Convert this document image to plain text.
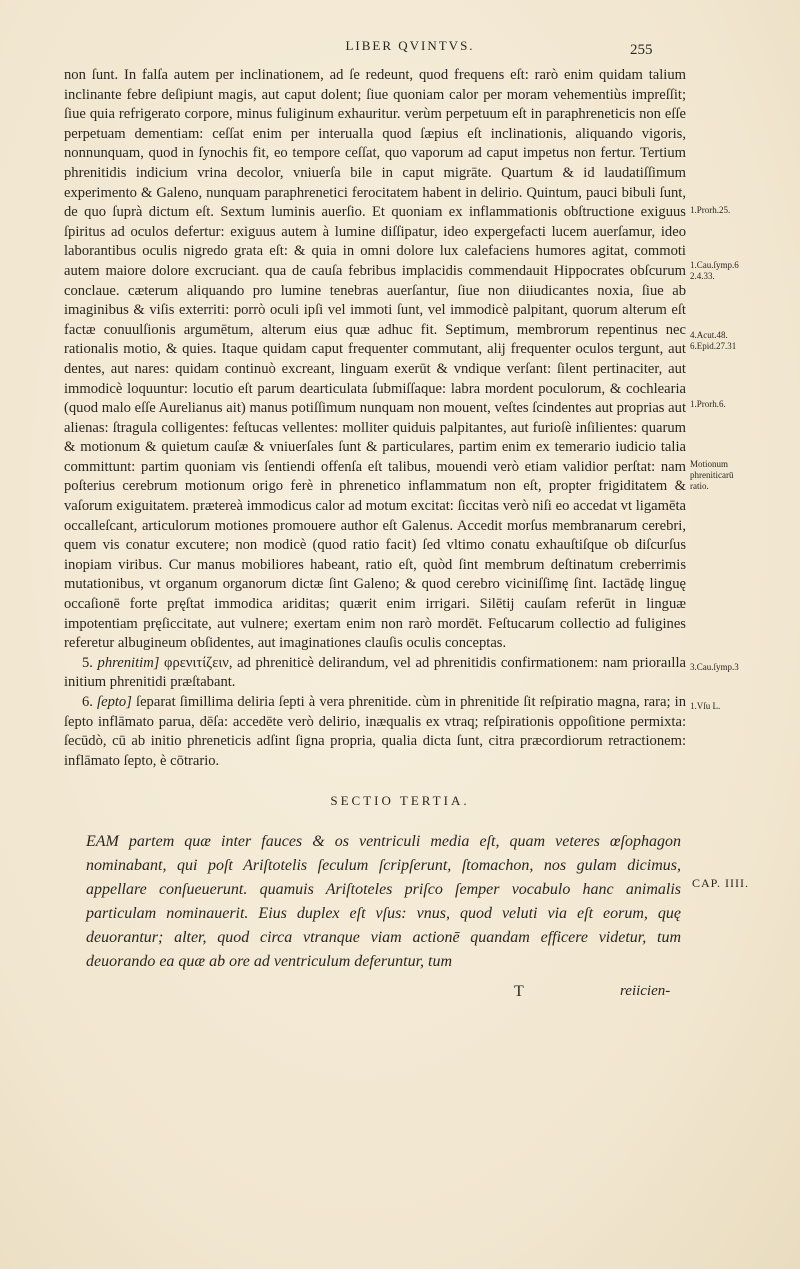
LIBER QVINTVS.	255

non ſunt. In falſa autem per inclinationem, ad ſe redeunt, quod frequens eſt: rarò enim quidam talium inclinante febre deſipiunt magis, aut caput dolent; ſiue quoniam calor per moram vehementiùs impreſſit; ſiue quia refrigerato corpore, minus fuliginum exhauritur. verùm perpetuum eſt in paraphreneticis non eſſe perpetuam dementiam: ceſſat enim per interualla quod ſæpius eſt inclinationis, aliquando vigoris, nonnunquam, quod in ſynochis fit, eo tempore ceſſat, quo vaporum ad caput impetus non fertur. Tertium phrenitidis indicium vrina decolor, vniuerſa bile in caput migrāte. Quartum & id laudatiſſimum experimento & Galeno, nunquam paraphrenetici ferocitatem habent in delirio. Quintum, pauci bibuli ſunt, de quo ſuprà dictum eſt. Sextum luminis auerſio. Et quoniam ex inflammationis obſtructione exiguus ſpiritus ad oculos defertur: exiguus autem à lumine diſſipatur, ideo expergefacti lucem auerſamur, ideo laborantibus oculis nigredo grata eſt: & quia in omni dolore lux calefaciens humores agitat, commoti autem maiore dolore excruciant. qua de cauſa febribus implacidis commendauit Hippocrates obſcurum conclaue. cæterum aliquando pro lumine tenebras auerſantur, ſiue non diiudicantes noxia, ſiue ab imaginibus & viſis exterriti: porrò oculi ipſi vel immoti ſunt, vel immodicè palpitant, quorum alterum eſt factæ conuulſionis argumētum, alterum eius quæ adhuc fit. Septimum, membrorum repentinus nec rationalis motio, & quies. Itaque quidam caput frequenter commutant, alij frequenter oculos tergunt, aut dentes, aut nares: quidam continuò excreant, linguam exerūt & vndique verſant: ſilent pertinaciter, aut immodicè loquuntur: locutio eſt parum dearticulata ſubmiſſaque: labra mordent poculorum, & cochlearia (quod malo eſſe Aurelianus ait) manus potiſſimum nunquam non mouent, veſtes ſcindentes aut proprias aut alienas: ſtragula colligentes: feſtucas vellentes: molliter quiduis palpitantes, aut furioſè inſilientes: quarum & motionum & quietum cauſæ & vniuerſales ſunt & particulares, partim enim ex temerario iudicio talia committunt: partim quoniam vis ſentiendi offenſa eſt talibus, mouendi verò etiam validior perſtat: nam poſterius cerebrum motionum origo ferè in phrenetico inflammatum non eſt, propter frigiditatem & vaſorum exiguitatem. prætereà immodicus calor ad motum excitat: ſiccitas verò niſi eo accedat vt ligamēta occalleſcant, articulorum motiones promouere author eſt Galenus. Accedit morſus membranarum cerebri, quem vis conatur excutere; non modicè (quod ratio facit) ſed vltimo conatu exhauſtiſque ob diſcurſus inopiam viribus. Cur manus mobiliores habeant, ratio eſt, quòd ſint membrum deſtinatum creberrimis mutationibus, vt organum organorum dictæ ſint Galeno; & quod cerebro viciniſſimę ſint. Iactādę linguę occaſionē forte pręſtat immodica ariditas; quærit enim irrigari. Silētij cauſam referūt in linguæ impotentiam pręſiccitate, aut vulnere; exertam enim non rarò mordēt. Feſtucarum collectio ad fuligines referetur albugineum obſidentes, aut imaginationes clauſis oculis conceptas.

5. phrenitim] φρενιτίζειν, ad phreniticè delirandum, vel ad phrenitidis confirmationem: nam prioraılla initium phrenitidi præſtabant.

6. ſepto] ſeparat ſimillima deliria ſepti à vera phrenitide. cùm in phrenitide ſit reſpiratio magna, rara; in ſepto inflāmato parua, dēſa: accedēte verò delirio, inæqualis ex vtraq; reſpirationis oppoſitione permixta: ſecūdò, cū ab initio phreneticis adſint ſigna propria, qualia dicta ſunt, citra præcordiorum retractionem: inflāmato ſepto, è cōtrario.

1.Prorh.25.
1.Cau.ſymp.6
2.4.33.
4.Acut.48.
6.Epid.27.31
1.Prorh.6.
Motionum
phreniticarū
ratio.
3.Cau.ſymp.3
1.Vſu L.
SECTIO TERTIA.
EAM partem quæ inter fauces & os ventriculi media eſt, quam veteres œſophagon nominabant, qui poſt Ariſtotelis ſeculum ſcripſerunt, ſtomachon, nos gulam dicimus, appellare conſueuerunt. quamuis Ariſtoteles priſco ſemper vocabulo hanc animalis particulam nominauerit. Eius duplex eſt vſus: vnus, quod veluti via eſt eorum, quę deuorantur; alter, quod circa vtranque viam actionē quandam efficere videtur, tum deuorando ea quæ ab ore ad ventriculum deferuntur, tum
CAP. IIII.
T	reiicien-
